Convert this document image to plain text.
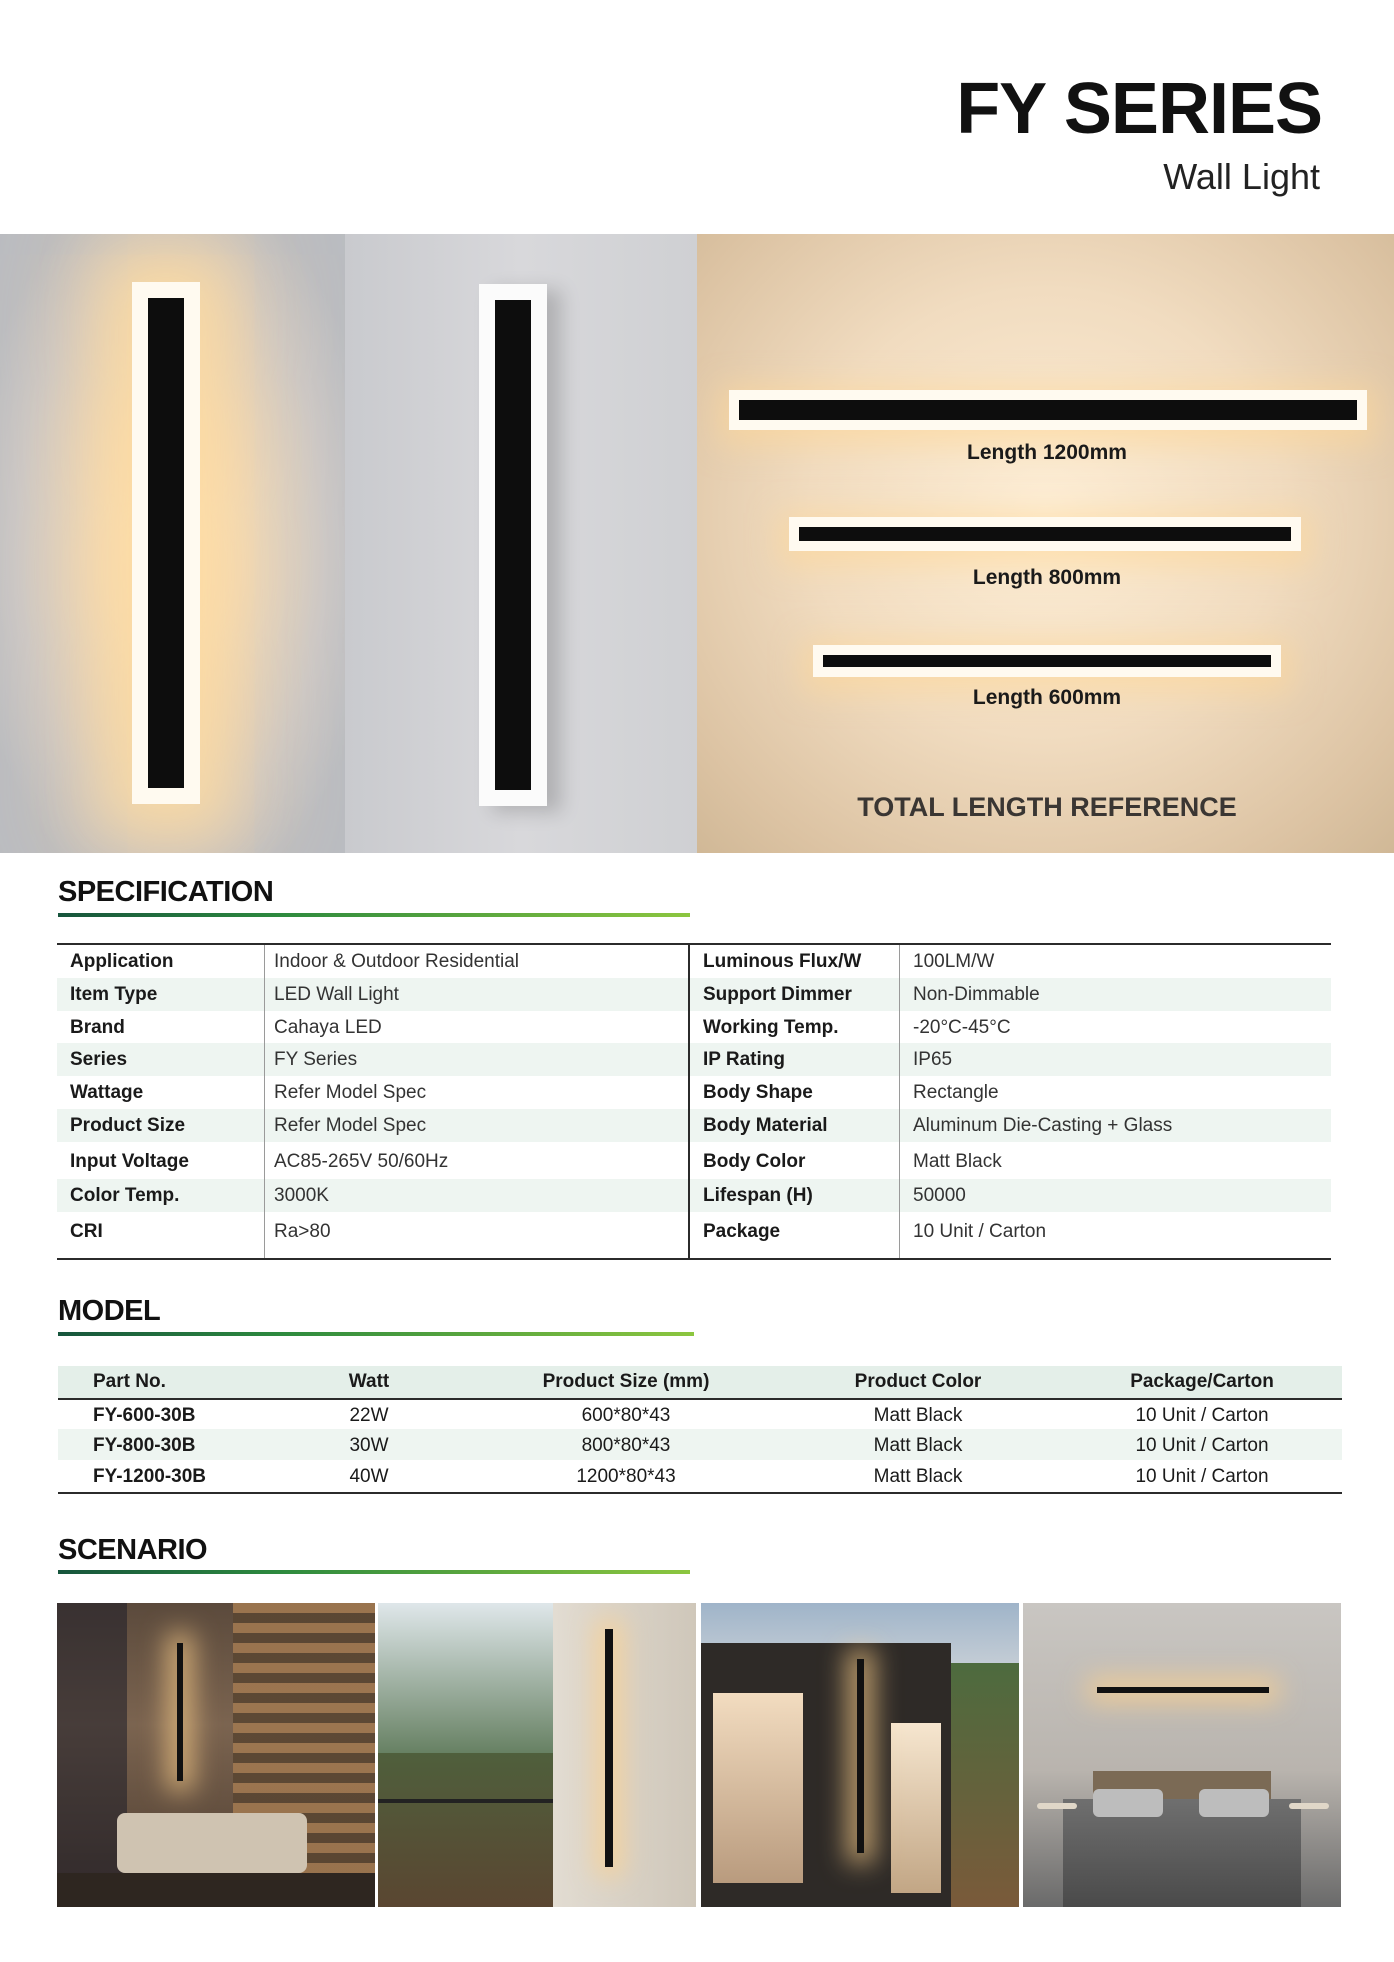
FY SERIES
Wall Light
Length 1200mm
Length 800mm
Length 600mm
TOTAL LENGTH REFERENCE
SPECIFICATION
Application	Indoor & Outdoor Residential	Luminous Flux/W	100LM/W
Item Type	LED Wall Light	Support Dimmer	Non-Dimmable
Brand	Cahaya LED	Working Temp.	-20°C-45°C
Series	FY Series	IP Rating	IP65
Wattage	Refer Model Spec	Body Shape	Rectangle
Product Size	Refer Model Spec	Body Material	Aluminum Die-Casting + Glass
Input Voltage	AC85-265V 50/60Hz	Body Color	Matt Black
Color Temp.	3000K	Lifespan (H)	50000
CRI	Ra>80	Package	10 Unit / Carton
MODEL
Part No.	Watt	Product Size (mm)	Product Color	Package/Carton
FY-600-30B	22W	600*80*43	Matt Black	10 Unit / Carton
FY-800-30B	30W	800*80*43	Matt Black	10 Unit / Carton
FY-1200-30B	40W	1200*80*43	Matt Black	10 Unit / Carton
SCENARIO
